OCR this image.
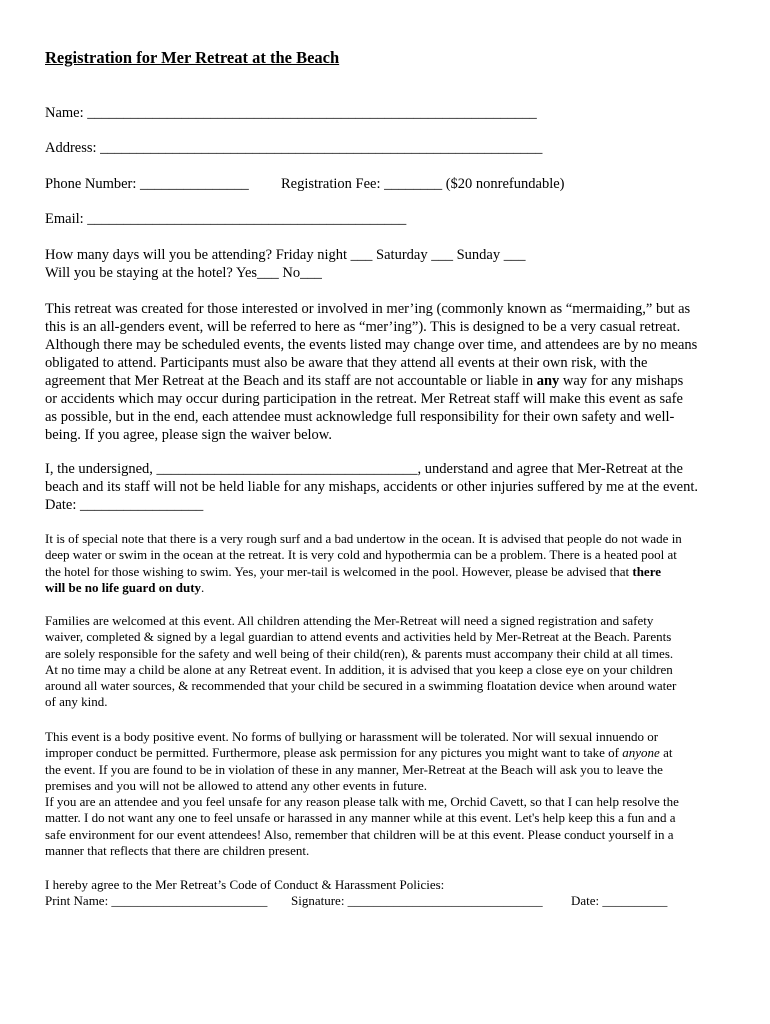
Registration for Mer Retreat at the Beach
Name: ______________________________________________________________
Address: _____________________________________________________________
Phone Number: _______________ Registration Fee: ________ ($20 nonrefundable)
Email: ____________________________________________
How many days will you be attending? Friday night ___ Saturday ___ Sunday ___
Will you be staying at the hotel? Yes___ No___
This retreat was created for those interested or involved in mer’ing (commonly known as “mermaiding,” but as
this is an all-genders event, will be referred to here as “mer’ing”). This is designed to be a very casual retreat.
Although there may be scheduled events, the events listed may change over time, and attendees are by no means
obligated to attend. Participants must also be aware that they attend all events at their own risk, with the
agreement that Mer Retreat at the Beach and its staff are not accountable or liable in any way for any mishaps
or accidents which may occur during participation in the retreat. Mer Retreat staff will make this event as safe
as possible, but in the end, each attendee must acknowledge full responsibility for their own safety and well-
being. If you agree, please sign the waiver below.
I, the undersigned, ____________________________________, understand and agree that Mer-Retreat at the
beach and its staff will not be held liable for any mishaps, accidents or other injuries suffered by me at the event.
Date: _________________
It is of special note that there is a very rough surf and a bad undertow in the ocean. It is advised that people do not wade in
deep water or swim in the ocean at the retreat. It is very cold and hypothermia can be a problem. There is a heated pool at
the hotel for those wishing to swim. Yes, your mer-tail is welcomed in the pool. However, please be advised that there
will be no life guard on duty.
Families are welcomed at this event. All children attending the Mer-Retreat will need a signed registration and safety
waiver, completed & signed by a legal guardian to attend events and activities held by Mer-Retreat at the Beach. Parents
are solely responsible for the safety and well being of their child(ren), & parents must accompany their child at all times.
At no time may a child be alone at any Retreat event. In addition, it is advised that you keep a close eye on your children
around all water sources, & recommended that your child be secured in a swimming floatation device when around water
of any kind.
This event is a body positive event. No forms of bullying or harassment will be tolerated. Nor will sexual innuendo or
improper conduct be permitted. Furthermore, please ask permission for any pictures you might want to take of anyone at
the event. If you are found to be in violation of these in any manner, Mer-Retreat at the Beach will ask you to leave the
premises and you will not be allowed to attend any other events in future.
If you are an attendee and you feel unsafe for any reason please talk with me, Orchid Cavett, so that I can help resolve the
matter. I do not want any one to feel unsafe or harassed in any manner while at this event. Let's help keep this a fun and a
safe environment for our event attendees! Also, remember that children will be at this event. Please conduct yourself in a
manner that reflects that there are children present.
I hereby agree to the Mer Retreat’s Code of Conduct & Harassment Policies:
Print Name: ________________________ Signature: ______________________________ Date: __________
